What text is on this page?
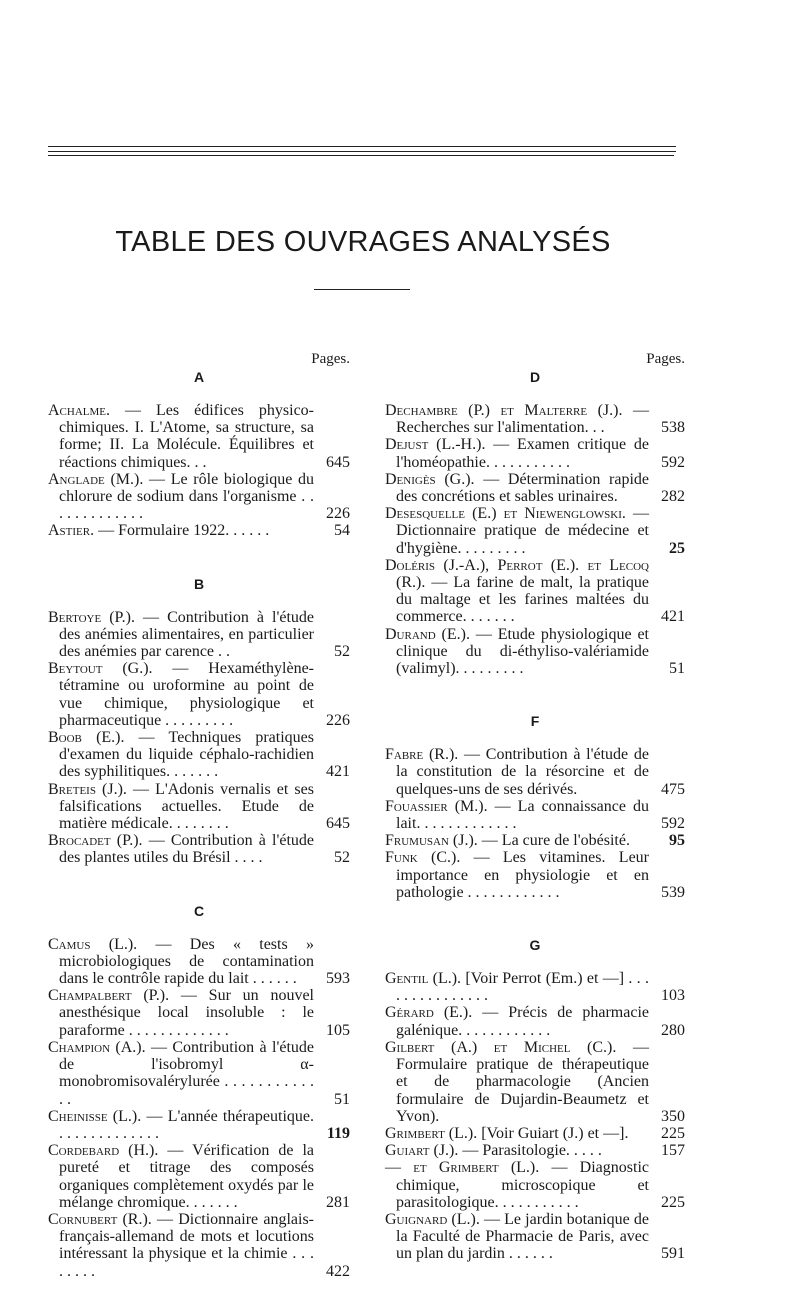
TABLE DES OUVRAGES ANALYSÉS

Pages.

A

Achalme. — Les édifices physico-chimiques. I. L'Atome, sa structure, sa forme; II. La Molécule. Équilibres et réactions chimiques. . .	645

Anglade (M.). — Le rôle biologique du chlorure de sodium dans l'organisme . . . . . . . . . . . . .	226

Astier. — Formulaire 1922. . . . . .	54

B

Bertoye (P.). — Contribution à l'étude des anémies alimentaires, en particulier des anémies par carence . .	52

Beytout (G.). — Hexaméthylène-tétramine ou uroformine au point de vue chimique, physiologique et pharmaceutique . . . . . . . . .	226

Boob (E.). — Techniques pratiques d'examen du liquide céphalo-rachidien des syphilitiques. . . . . . .	421

Breteis (J.). — L'Adonis vernalis et ses falsifications actuelles. Etude de matière médicale. . . . . . . .	645

Brocadet (P.). — Contribution à l'étude des plantes utiles du Brésil . . . .	52

C

Camus (L.). — Des « tests » microbiologiques de contamination dans le contrôle rapide du lait . . . . . .	593

Champalbert (P.). — Sur un nouvel anesthésique local insoluble : le paraforme . . . . . . . . . . . . .	105

Champion (A.). — Contribution à l'étude de l'isobromyl α-monobromisovalérylurée . . . . . . . . . . . . .	51

Cheinisse (L.). — L'année thérapeutique. . . . . . . . . . . . . .	119

Cordebard (H.). — Vérification de la pureté et titrage des composés organiques complètement oxydés par le mélange chromique. . . . . . .	281

Cornubert (R.). — Dictionnaire anglais-français-allemand de mots et locutions intéressant la physique et la chimie . . . . . . . .	422

Pages.

D

Dechambre (P.) et Malterre (J.). — Recherches sur l'alimentation. . .	538

Dejust (L.-H.). — Examen critique de l'homéopathie. . . . . . . . . . .	592

Denigès (G.). — Détermination rapide des concrétions et sables urinaires.	282

Desesquelle (E.) et Niewenglowski. — Dictionnaire pratique de médecine et d'hygiène. . . . . . . . .	25

Doléris (J.-A.), Perrot (E.). et Lecoq (R.). — La farine de malt, la pratique du maltage et les farines maltées du commerce. . . . . . .	421

Durand (E.). — Etude physiologique et clinique du di-éthyliso-valériamide (valimyl). . . . . . . . .	51

F

Fabre (R.). — Contribution à l'étude de la constitution de la résorcine et de quelques-uns de ses dérivés.	475

Fouassier (M.). — La connaissance du lait. . . . . . . . . . . . .	592

Frumusan (J.). — La cure de l'obésité.	95

Funk (C.). — Les vitamines. Leur importance en physiologie et en pathologie . . . . . . . . . . . .	539

G

Gentil (L.). [Voir Perrot (Em.) et —] . . . . . . . . . . . . . . .	103

Gérard (E.). — Précis de pharmacie galénique. . . . . . . . . . . .	280

Gilbert (A.) et Michel (C.). — Formulaire pratique de thérapeutique et de pharmacologie (Ancien formulaire de Dujardin-Beaumetz et Yvon).	350

Grimbert (L.). [Voir Guiart (J.) et —].	225

Guiart (J.). — Parasitologie. . . . .	157

— et Grimbert (L.). — Diagnostic chimique, microscopique et parasitologique. . . . . . . . . . .	225

Guignard (L.). — Le jardin botanique de la Faculté de Pharmacie de Paris, avec un plan du jardin . . . . . .	591
